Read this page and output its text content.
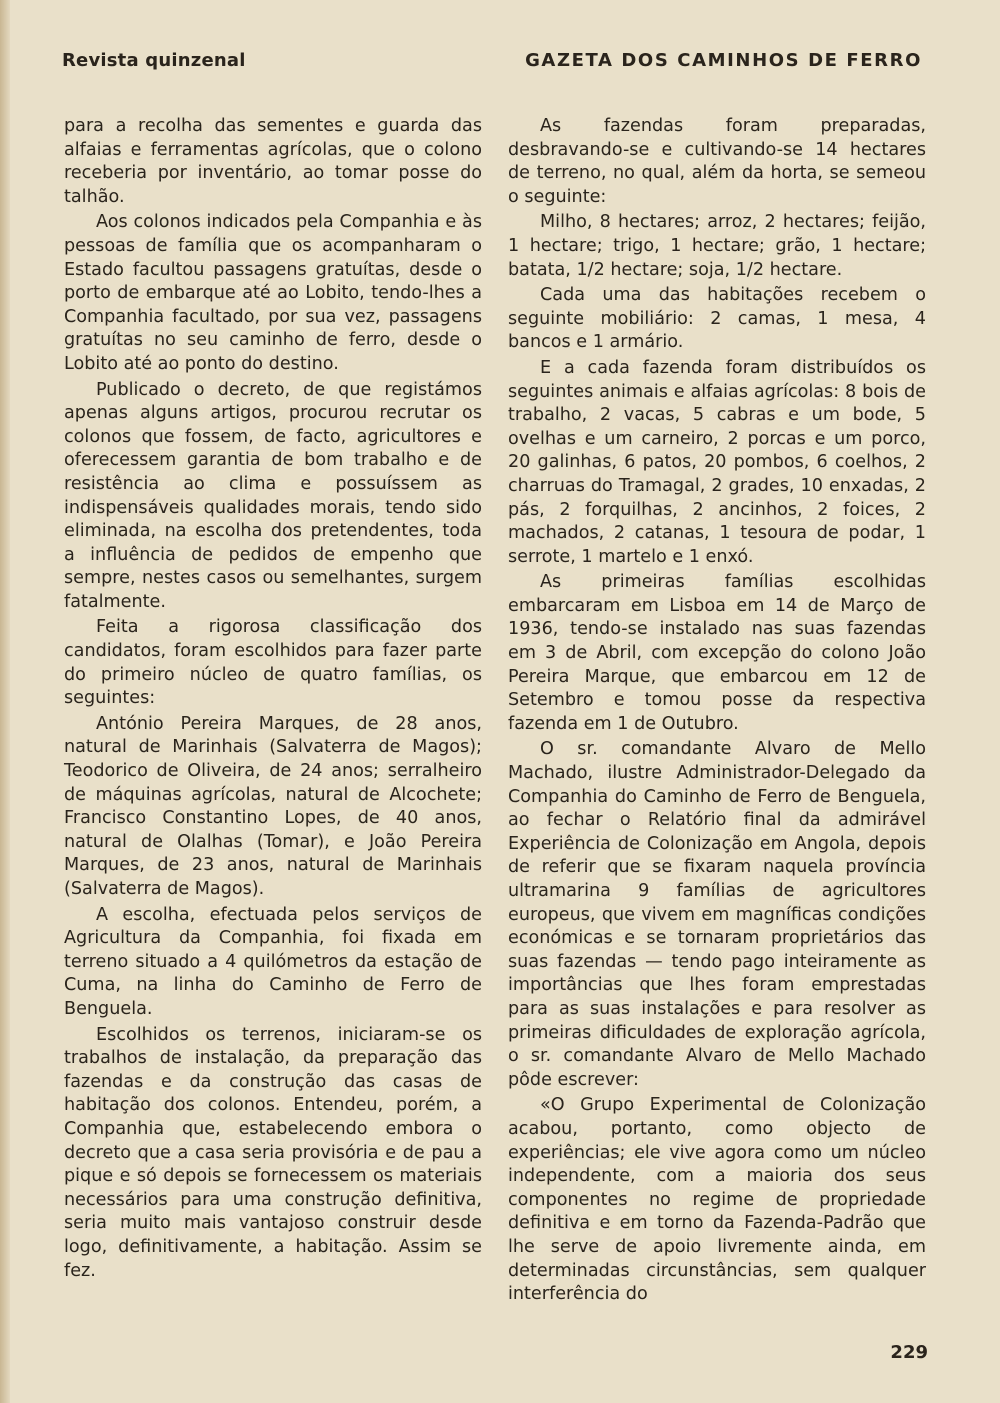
Revista quinzenal	GAZETA DOS CAMINHOS DE FERRO

para a recolha das sementes e guarda das alfaias e ferramentas agrícolas, que o colono receberia por inventário, ao tomar posse do talhão.

Aos colonos indicados pela Companhia e às pessoas de família que os acompanharam o Estado facultou passagens gratuítas, desde o porto de embarque até ao Lobito, tendo-lhes a Companhia facultado, por sua vez, passagens gratuítas no seu caminho de ferro, desde o Lobito até ao ponto do destino.

Publicado o decreto, de que registámos apenas alguns artigos, procurou recrutar os colonos que fossem, de facto, agricultores e oferecessem garantia de bom trabalho e de resistência ao clima e possuíssem as indispensáveis qualidades morais, tendo sido eliminada, na escolha dos pretendentes, toda a influência de pedidos de empenho que sempre, nestes casos ou semelhantes, surgem fatalmente.

Feita a rigorosa classificação dos candidatos, foram escolhidos para fazer parte do primeiro núcleo de quatro famílias, os seguintes:

António Pereira Marques, de 28 anos, natural de Marinhais (Salvaterra de Magos); Teodorico de Oliveira, de 24 anos; serralheiro de máquinas agrícolas, natural de Alcochete; Francisco Constantino Lopes, de 40 anos, natural de Olalhas (Tomar), e João Pereira Marques, de 23 anos, natural de Marinhais (Salvaterra de Magos).

A escolha, efectuada pelos serviços de Agricultura da Companhia, foi fixada em terreno situado a 4 quilómetros da estação de Cuma, na linha do Caminho de Ferro de Benguela.

Escolhidos os terrenos, iniciaram-se os trabalhos de instalação, da preparação das fazendas e da construção das casas de habitação dos colonos. Entendeu, porém, a Companhia que, estabelecendo embora o decreto que a casa seria provisória e de pau a pique e só depois se fornecessem os materiais necessários para uma construção definitiva, seria muito mais vantajoso construir desde logo, definitivamente, a habitação. Assim se fez.

As fazendas foram preparadas, desbravando-se e cultivando-se 14 hectares de terreno, no qual, além da horta, se semeou o seguinte:

Milho, 8 hectares; arroz, 2 hectares; feijão, 1 hectare; trigo, 1 hectare; grão, 1 hectare; batata, 1/2 hectare; soja, 1/2 hectare.

Cada uma das habitações recebem o seguinte mobiliário: 2 camas, 1 mesa, 4 bancos e 1 armário.

E a cada fazenda foram distribuídos os seguintes animais e alfaias agrícolas: 8 bois de trabalho, 2 vacas, 5 cabras e um bode, 5 ovelhas e um carneiro, 2 porcas e um porco, 20 galinhas, 6 patos, 20 pombos, 6 coelhos, 2 charruas do Tramagal, 2 grades, 10 enxadas, 2 pás, 2 forquilhas, 2 ancinhos, 2 foices, 2 machados, 2 catanas, 1 tesoura de podar, 1 serrote, 1 martelo e 1 enxó.

As primeiras famílias escolhidas embarcaram em Lisboa em 14 de Março de 1936, tendo-se instalado nas suas fazendas em 3 de Abril, com excepção do colono João Pereira Marque, que embarcou em 12 de Setembro e tomou posse da respectiva fazenda em 1 de Outubro.

O sr. comandante Alvaro de Mello Machado, ilustre Administrador-Delegado da Companhia do Caminho de Ferro de Benguela, ao fechar o Relatório final da admirável Experiência de Colonização em Angola, depois de referir que se fixaram naquela província ultramarina 9 famílias de agricultores europeus, que vivem em magníficas condições económicas e se tornaram proprietários das suas fazendas — tendo pago inteiramente as importâncias que lhes foram emprestadas para as suas instalações e para resolver as primeiras dificuldades de exploração agrícola, o sr. comandante Alvaro de Mello Machado pôde escrever:

«O Grupo Experimental de Colonização acabou, portanto, como objecto de experiências; ele vive agora como um núcleo independente, com a maioria dos seus componentes no regime de propriedade definitiva e em torno da Fazenda-Padrão que lhe serve de apoio livremente ainda, em determinadas circunstâncias, sem qualquer interferência do

229
